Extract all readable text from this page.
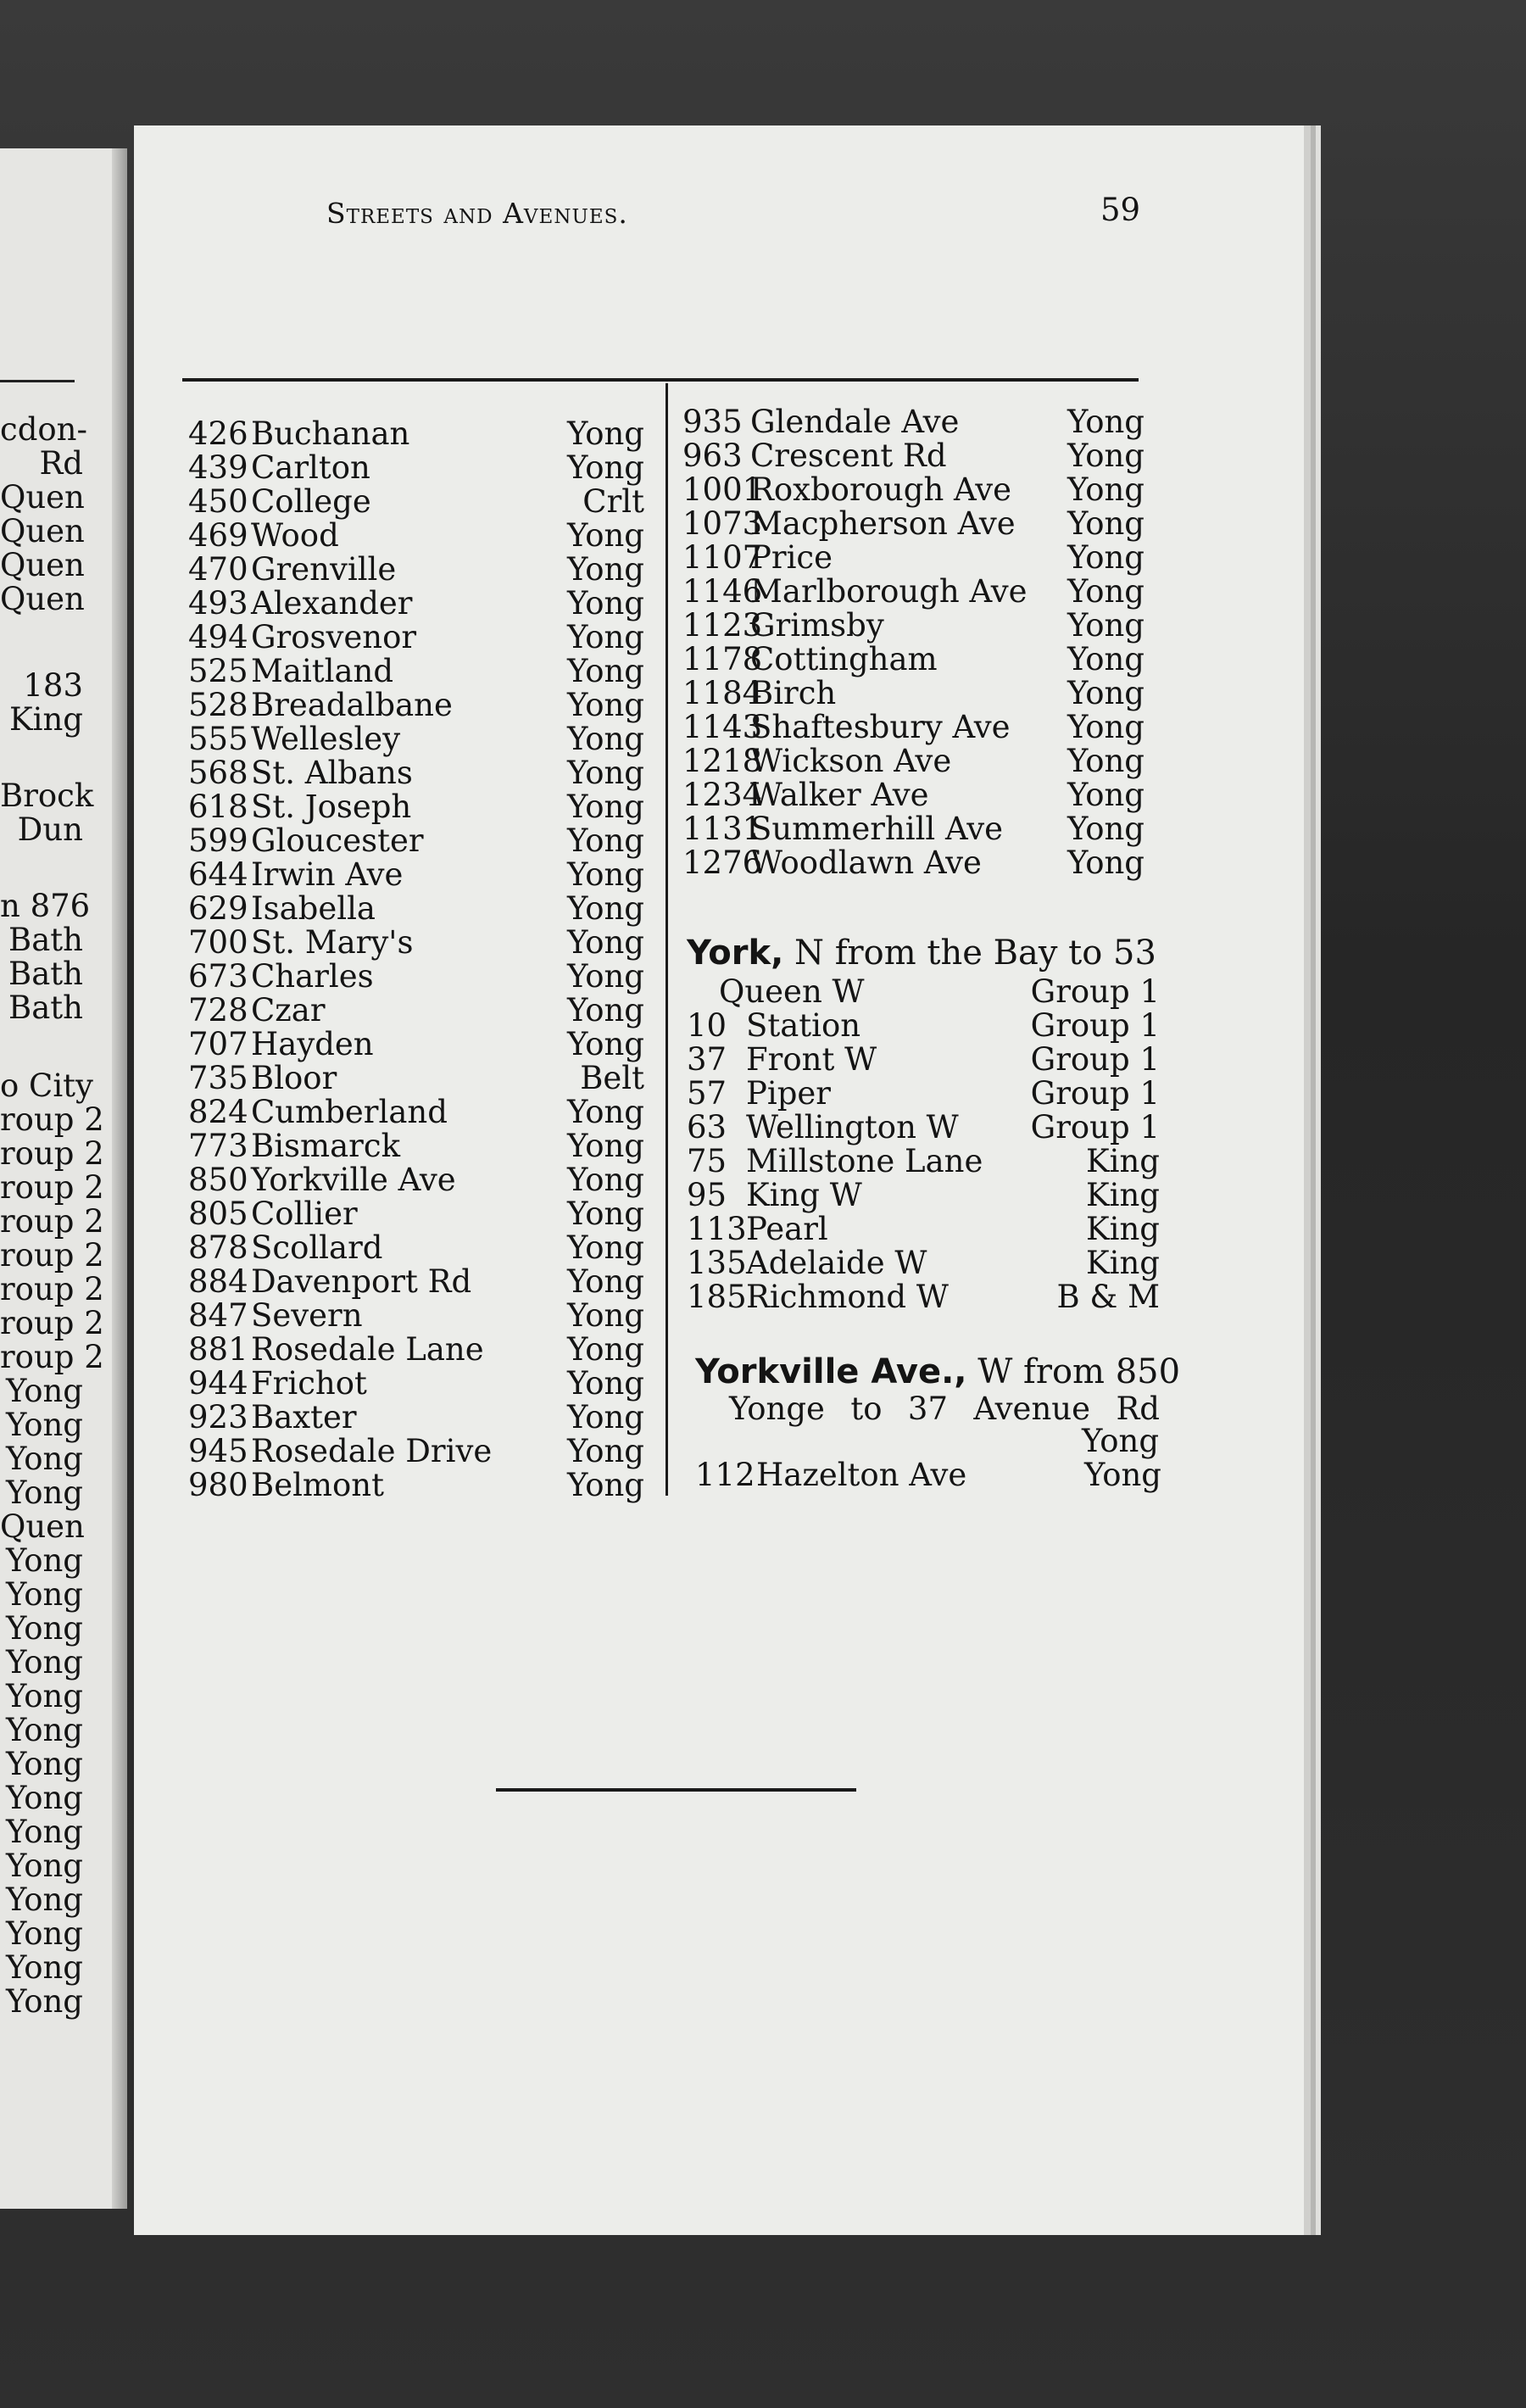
cdon-
Rd
Quen
Quen
Quen
Quen
183
King
Brock
Dun
n 876
Bath
Bath
Bath
o City
roup 2
roup 2
roup 2
roup 2
roup 2
roup 2
roup 2
roup 2
Yong
Yong
Yong
Yong
Quen
Yong
Yong
Yong
Yong
Yong
Yong
Yong
Yong
Yong
Yong
Yong
Yong
Yong
Yong
Streets and Avenues.	59
426Buchanan	Yong
439Carlton	Yong
450College	Crlt
469Wood	Yong
470Grenville	Yong
493Alexander	Yong
494Grosvenor	Yong
525Maitland	Yong
528Breadalbane	Yong
555Wellesley	Yong
568St. Albans	Yong
618St. Joseph	Yong
599Gloucester	Yong
644Irwin Ave	Yong
629Isabella	Yong
700St. Mary's	Yong
673Charles	Yong
728Czar	Yong
707Hayden	Yong
735Bloor	Belt
824Cumberland	Yong
773Bismarck	Yong
850Yorkville Ave	Yong
805Collier	Yong
878Scollard	Yong
884Davenport Rd	Yong
847Severn	Yong
881Rosedale Lane	Yong
944Frichot	Yong
923Baxter	Yong
945Rosedale Drive Yong
980Belmont	Yong
935 Glendale Ave	Yong
963 Crescent Rd	Yong
1001Roxborough Ave Yong
1073Macpherson Ave Yong
1107Price	Yong
1146Marlborough Ave Yong
1123Grimsby	Yong
1178Cottingham	Yong
1184Birch	Yong
1143Shaftesbury Ave Yong
1218Wickson Ave	Yong
1234Walker Ave	Yong
1131Summerhill Ave Yong
1276Woodlawn Ave	Yong
York, N from the Bay to 53
Queen W	Group 1
10 Station	Group 1
37 Front W	Group 1
57 Piper	Group 1
63 Wellington W Group 1
75 Millstone Lane	King
95 King W	King
113Pearl	King
135Adelaide W	King
185Richmond W	B & M
Yorkville Ave., W from 850
Yonge to 37 Avenue Rd
Yong
112Hazelton Ave	Yong
